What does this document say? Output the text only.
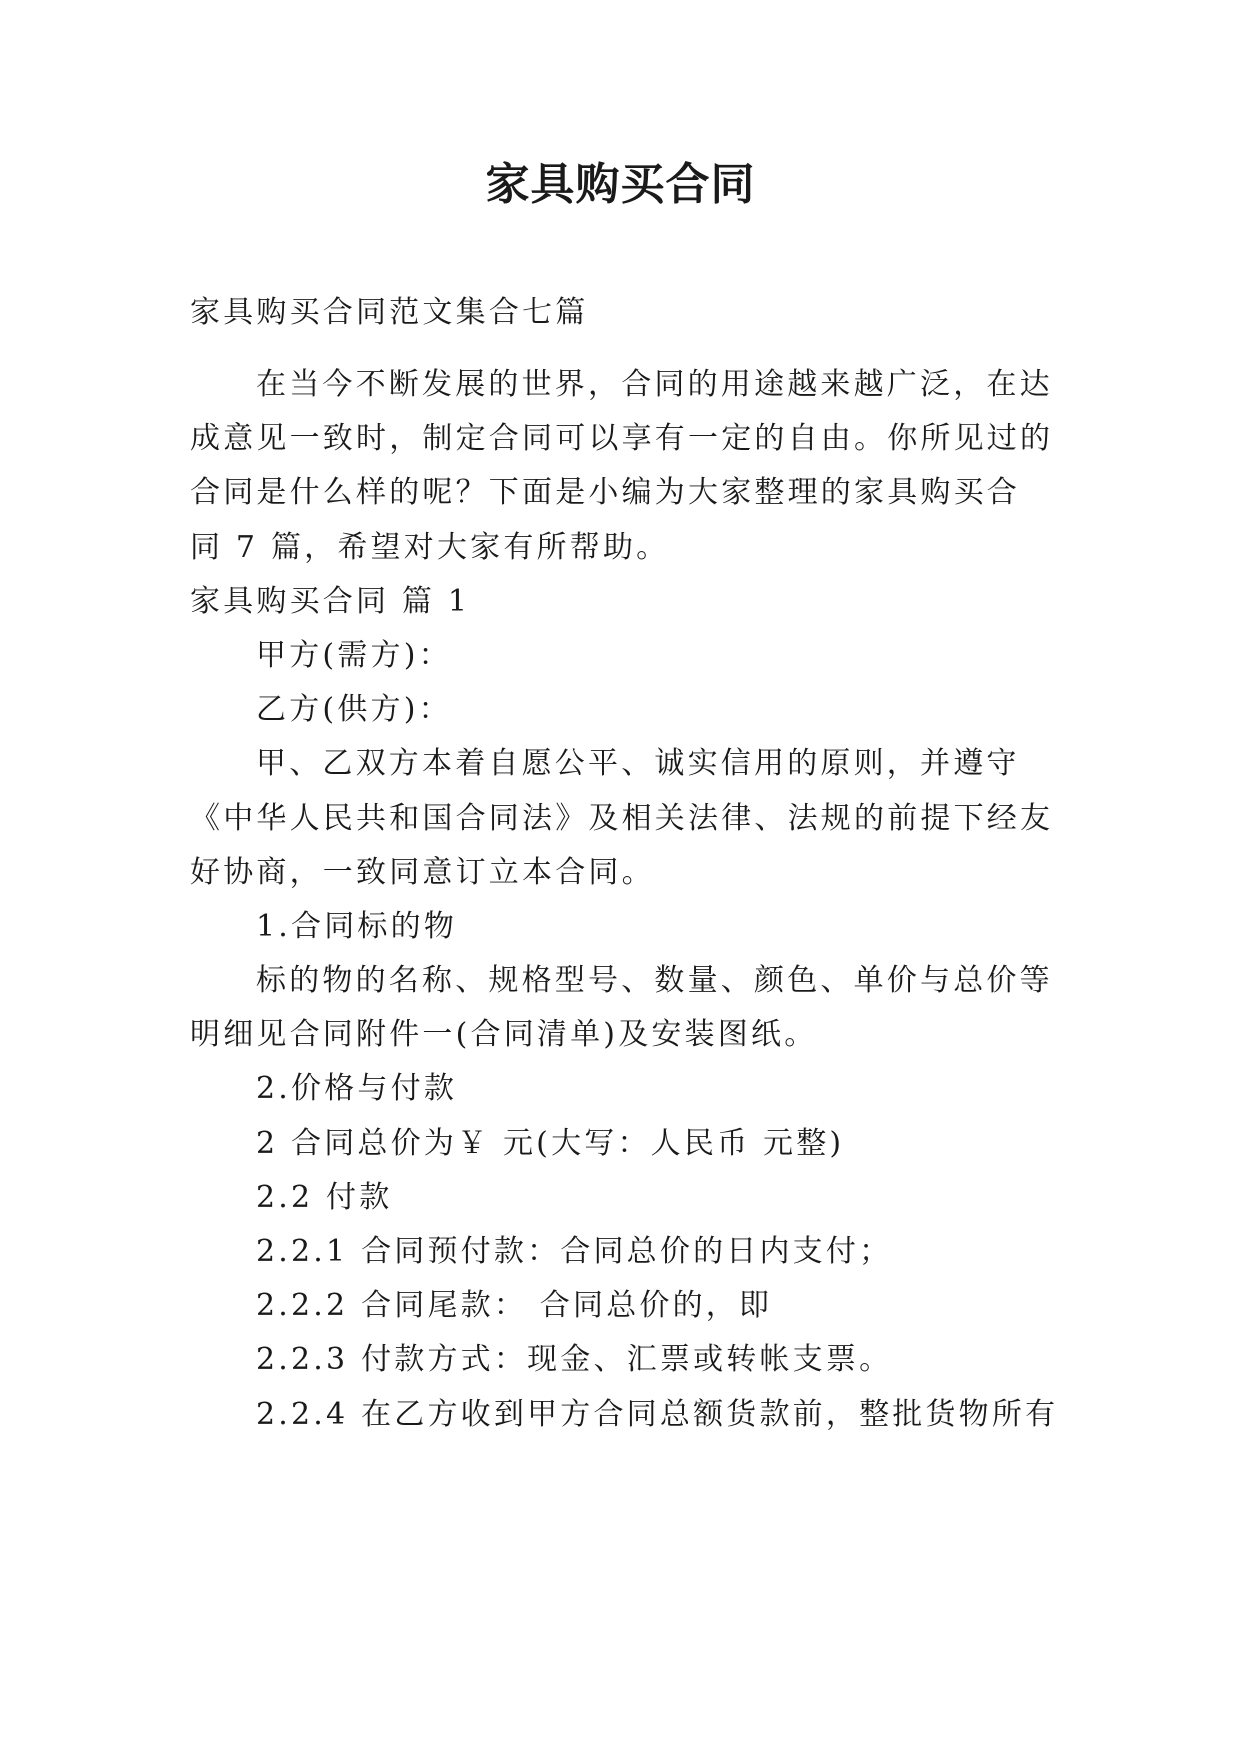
家具购买合同
家具购买合同范文集合七篇
在当今不断发展的世界，合同的用途越来越广泛，在达
成意见一致时，制定合同可以享有一定的自由。你所见过的
合同是什么样的呢？下面是小编为大家整理的家具购买合
同 7 篇，希望对大家有所帮助。
家具购买合同 篇 1
甲方(需方)：
乙方(供方)：
甲、乙双方本着自愿公平、诚实信用的原则，并遵守
《中华人民共和国合同法》及相关法律、法规的前提下经友
好协商，一致同意订立本合同。
1.合同标的物
标的物的名称、规格型号、数量、颜色、单价与总价等
明细见合同附件一(合同清单)及安装图纸。
2.价格与付款
2 合同总价为￥ 元(大写：人民币 元整)
2.2 付款
2.2.1 合同预付款：合同总价的日内支付；
2.2.2 合同尾款： 合同总价的，即
2.2.3 付款方式：现金、汇票或转帐支票。
2.2.4 在乙方收到甲方合同总额货款前，整批货物所有
